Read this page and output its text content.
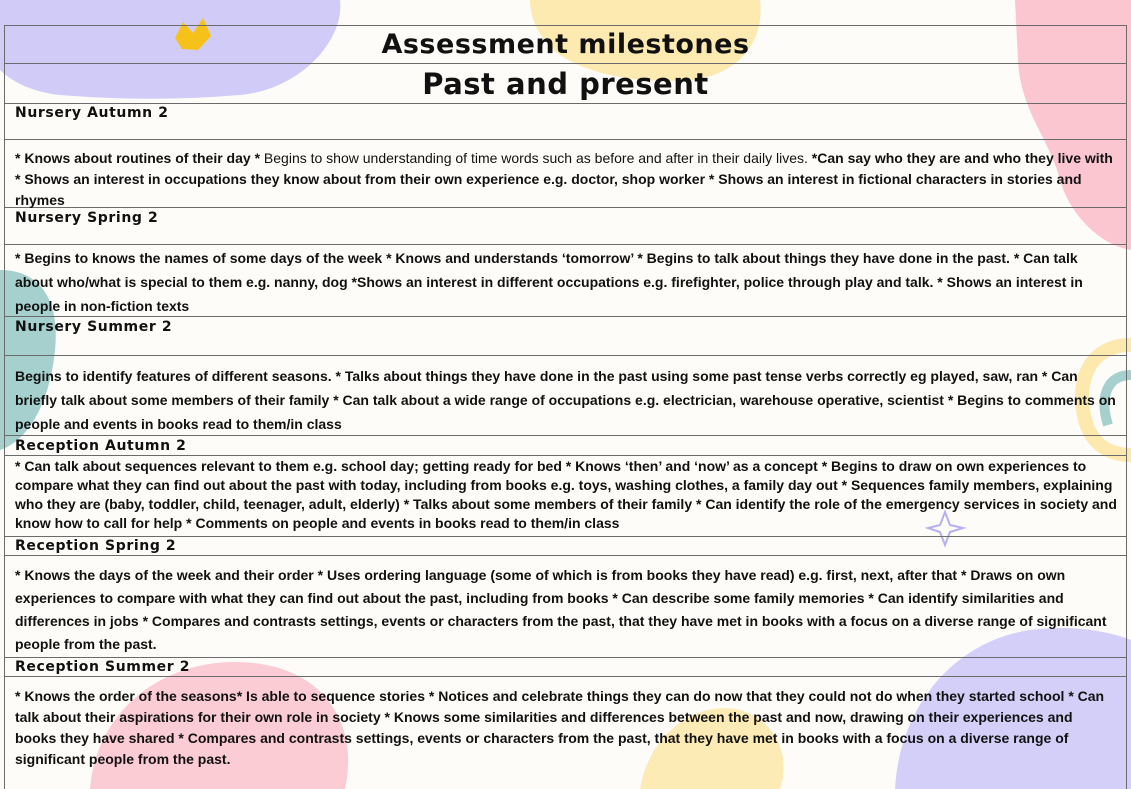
Assessment milestones
Past and present
Nursery Autumn 2
* Knows about routines of their day * Begins to show understanding of time words such as before and after in their daily lives. *Can say who they are and who they live with * Shows an interest in occupations they know about from their own experience e.g. doctor, shop worker * Shows an interest in fictional characters in stories and rhymes
Nursery Spring 2
* Begins to knows the names of some days of the week * Knows and understands ‘tomorrow’ * Begins to talk about things they have done in the past. * Can talk about who/what is special to them e.g. nanny, dog *Shows an interest in different occupations e.g. firefighter, police through play and talk. * Shows an interest in people in non-fiction texts
Nursery Summer 2
Begins to identify features of different seasons. * Talks about things they have done in the past using some past tense verbs correctly eg played, saw, ran * Can briefly talk about some members of their family * Can talk about a wide range of occupations e.g. electrician, warehouse operative, scientist * Begins to comments on people and events in books read to them/in class
Reception Autumn 2
* Can talk about sequences relevant to them e.g. school day; getting ready for bed * Knows ‘then’ and ‘now’ as a concept * Begins to draw on own experiences to compare what they can find out about the past with today, including from books e.g. toys, washing clothes, a family day out * Sequences family members, explaining who they are (baby, toddler, child, teenager, adult, elderly) * Talks about some members of their family * Can identify the role of the emergency services in society and know how to call for help * Comments on people and events in books read to them/in class
Reception Spring 2
* Knows the days of the week and their order * Uses ordering language (some of which is from books they have read) e.g. first, next, after that * Draws on own experiences to compare with what they can find out about the past, including from books * Can describe some family memories * Can identify similarities and differences in jobs * Compares and contrasts settings, events or characters from the past, that they have met in books with a focus on a diverse range of significant people from the past.
Reception Summer 2
* Knows the order of the seasons* Is able to sequence stories * Notices and celebrate things they can do now that they could not do when they started school * Can talk about their aspirations for their own role in society * Knows some similarities and differences between the past and now, drawing on their experiences and books they have shared * Compares and contrasts settings, events or characters from the past, that they have met in books with a focus on a diverse range of significant people from the past.
